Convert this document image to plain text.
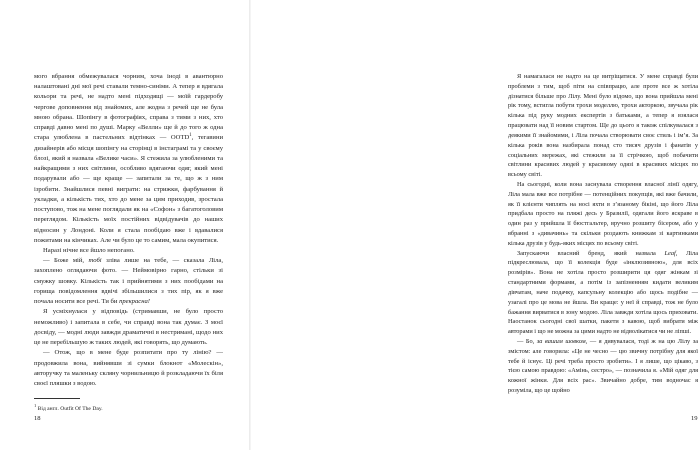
мого вбрання обмежувалася чорним, хоча іноді в авантюрно налаштовані дні мої речі ставали темно-синіми. А тепер я вдягала кольори та речі, не надто мені підходящі — моїй гардеробу чергове доповнення від знайомих, але жодна з речей ще не була мною обрана. Шопінгу в фотографіях, справа з тими з них, хто справді давно мені по душі. Марку «Велли» ще й до того ж одна стара улюблена в пастельних відтінках — ООТD$^1$, тегавини дизайнерів або місця шопінгу на сторінці в інстаграмі та у своєму блозі, який я назвала «Велике часи». Я стежила за улюбленими та найкращими з них світлини, особливо вдягаючи одяг, який мені подарували або — ще краще — запитали за те, що ж з ним ізробити. Знайшлися певні виграти: на стрижки, фарбування й укладки, а кількість тих, хто до мене за цим приходив, зростала поступово, тож на мене поглядали як на «Софон» з багатоголовим переглядом. Кількість моїх постійних відвідувачів до наших відносин у Лондоні. Коли я стала пообідаю вже і вдавалися пожитами на кінчиках. Але чи було це то самим, мала окупитися.

Наразі нічне все йшло непогано.

— Боже мій, тобі зліва лише на тебе, — сказала Ліла, захоплено оглядаючи фото. — Неймовірно гарно, стільки зі смужку шовку. Кількість так і прийнятими з них пообідами на горища повідомлення вдвічі збільшилися з тих пір, як я вже почала носити все речі. Ти би прекрасна!

Я усміхнулася у відповідь (стримавши, не було просто неможливо) і запитала в себе, чи справді вона так думає. З моєї досвіду, — модні люди завжди драматичні в нестримані, щодо них це не перебільшую ж таких людей, які говорять, що думають.

— Отож, що в мене буде розпитати про ту лінію? — продовжила вона, вийнявши зі сумки блокнот «Молескін», авторучку та маленьку скляну чорнильницю й розкладаючи їх біля своєї пляшки з водою.

$^1$ Від англ. Outfit Of The Day.
18

Я намагалася не надто на це витріщатися. У мене справді були проблеми з тим, щоб піти на співпрацю, але проте все ж хотіла дізнатися більше про Лілу. Мені було відомо, що вона прийшла мені рік тому, встигла побути трохи моделлю, трохи акторкою, звучала рік кілька під руку модних експертів з батьками, а тепер я взялася працювати над її новим стартом. Ще до цього я також спілкувалася з деякими її знайомими, і Ліла почала створювати своє стиль і ім’я. За кілька років вона назбирала понад сто тисяч друзів і фанатів у соціальних мережах, які стежили за її стрічкою, щоб побачити світлини красивих людей у красивому одязі в красивих місцях по всьому світі.

На сьогодні, коли вона заснувала створення власної лінії одягу, Ліла мала вже все потрібне — потенційних покупців, які вже бачили, як її клієнти чиплять на носі яхти в з’язаному бікіні, що його Ліла придбала просто на пляжі десь у Бразилії, одягали його яскраве в один раз у прийшла її бюстгальтер, вручно розшиту бісером, або у вбранні з «дивачинь» та скільки роздають книжкам зі картинками кілька друзів у будь-яких місцях по всьому світі.

Запускаючи власний бренд, який назвала Leaf, Ліла підкреслювала, що її колекція буде «інклюзивною», для всіх розмірів». Вона не хотіла просто розширити ця одяг жінкам зі стандартними формами, а потім із запізненням кидати великим дівчатам, наче подачку, капсульну колекцію або щось подібне — узагалі про це мова не йшла. Ви краще: у неї й справді, тож не було бажання вирватися в зону модою. Ліла завжди хотіла щось приховати. Наостанок сьогодні свої шатки, пакети з кавою, щоб вибрати між авторами і що не можна за цими надто не відволікатися чи не ліпші.

— Бо, за вашим шовком, — я дивувалася, тоді ж на цю Лілу за змістом: але говорила: «Це не чесно — цю звичну потрібну для якої тебе й існує. Ці речі треба просто зробити». І я лише, що цікаво, з тією самою правдою: «Амінь, сестро», — позначила я. «Мій одяг для кожної жінки. Для всіх рас». Звичайно добре, тим водночас я розуміла, що це щойно

19
